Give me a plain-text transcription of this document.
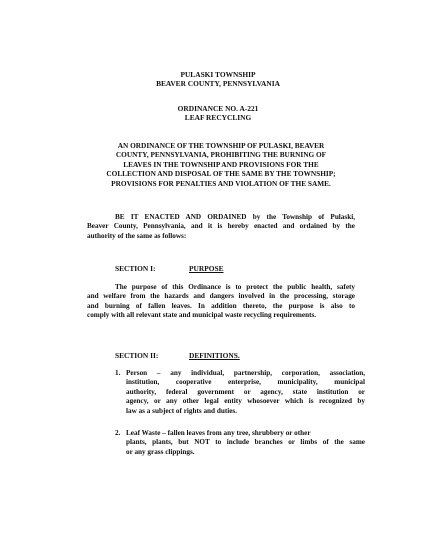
PULASKI TOWNSHIP
BEAVER COUNTY, PENNSYLVANIA
ORDINANCE NO. A-221
LEAF RECYCLING
AN ORDINANCE OF THE TOWNSHIP OF PULASKI, BEAVER
COUNTY, PENNSYLVANIA, PROHIBITING THE BURNING OF
LEAVES IN THE TOWNSHIP AND PROVISIONS FOR THE
COLLECTION AND DISPOSAL OF THE SAME BY THE TOWNSHIP;
PROVISIONS FOR PENALTIES AND VIOLATION OF THE SAME.
BE IT ENACTED AND ORDAINED by the Township of Pulaski,
Beaver County, Pennsylvania, and it is hereby enacted and ordained by the
authority of the same as follows:
SECTION I:	PURPOSE
The purpose of this Ordinance is to protect the public health, safety
and welfare from the hazards and dangers involved in the processing, storage
and burning of fallen leaves. In addition thereto, the purpose is also to
comply with all relevant state and municipal waste recycling requirements.
SECTION II:	DEFINITIONS.
1. Person – any individual, partnership, corporation, association,
institution, cooperative enterprise, municipality, municipal
authority, federal government or agency, state institution or
agency, or any other legal entity whosoever which is recognized by
law as a subject of rights and duties.
2. Leaf Waste – fallen leaves from any tree, shrubbery or other
plants, plants, but NOT to include branches or limbs of the same
or any grass clippings.
